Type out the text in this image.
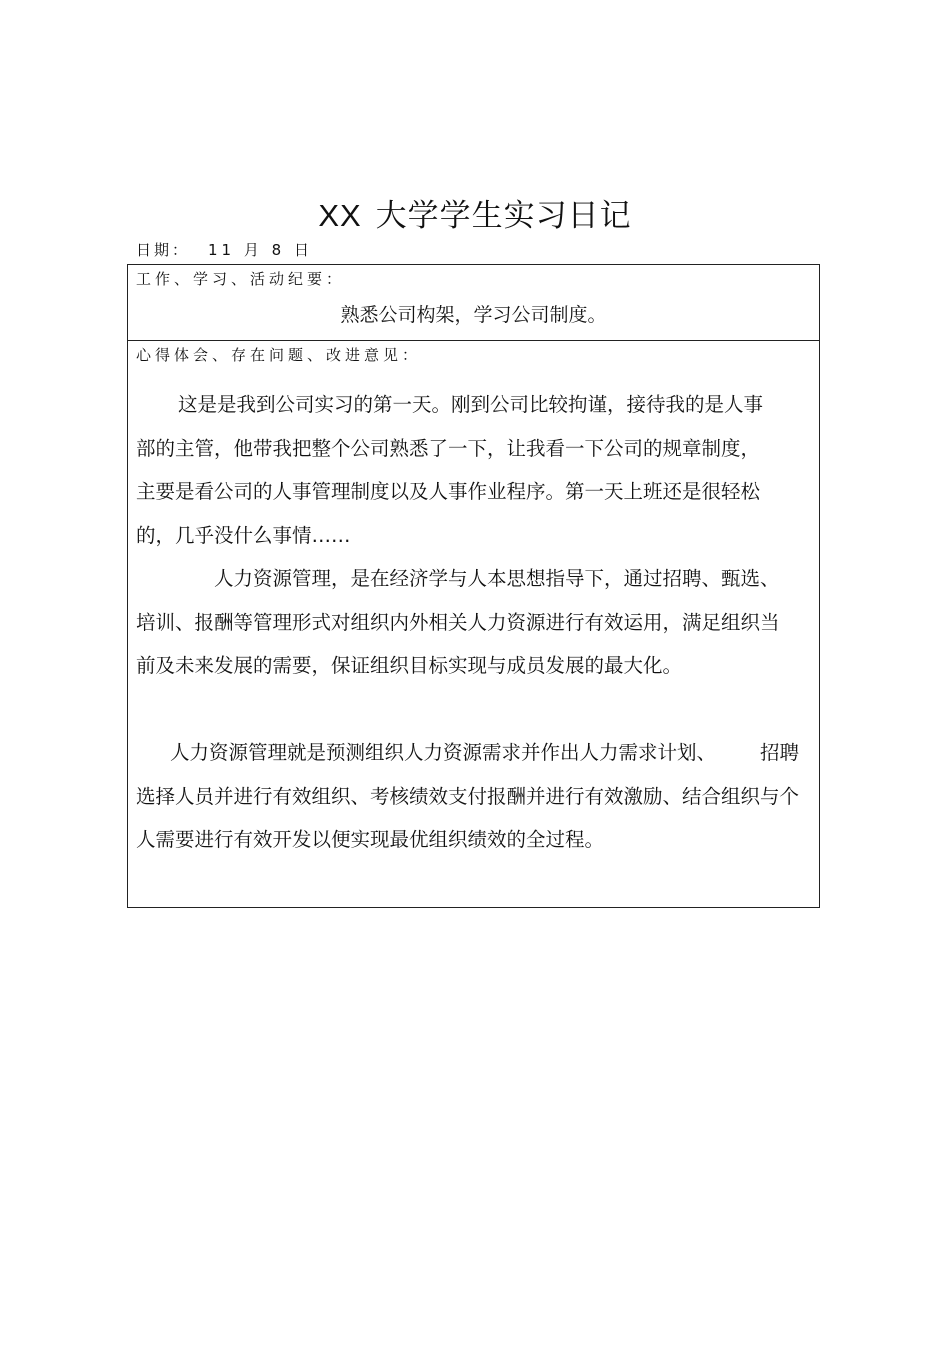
XX 大学学生实习日记
日期： 11 月 8 日
工作、学习、活动纪要：
熟悉公司构架，学习公司制度。
心得体会、存在问题、改进意见：
这是是我到公司实习的第一天。刚到公司比较拘谨，接待我的是人事部的主管，他带我把整个公司熟悉了一下，让我看一下公司的规章制度，主要是看公司的人事管理制度以及人事作业程序。第一天上班还是很轻松的，几乎没什么事情……
人力资源管理，是在经济学与人本思想指导下，通过招聘、甄选、培训、报酬等管理形式对组织内外相关人力资源进行有效运用，满足组织当前及未来发展的需要，保证组织目标实现与成员发展的最大化。
人力资源管理就是预测组织人力资源需求并作出人力需求计划、 招聘选择人员并进行有效组织、考核绩效支付报酬并进行有效激励、结合组织与个人需要进行有效开发以便实现最优组织绩效的全过程。
